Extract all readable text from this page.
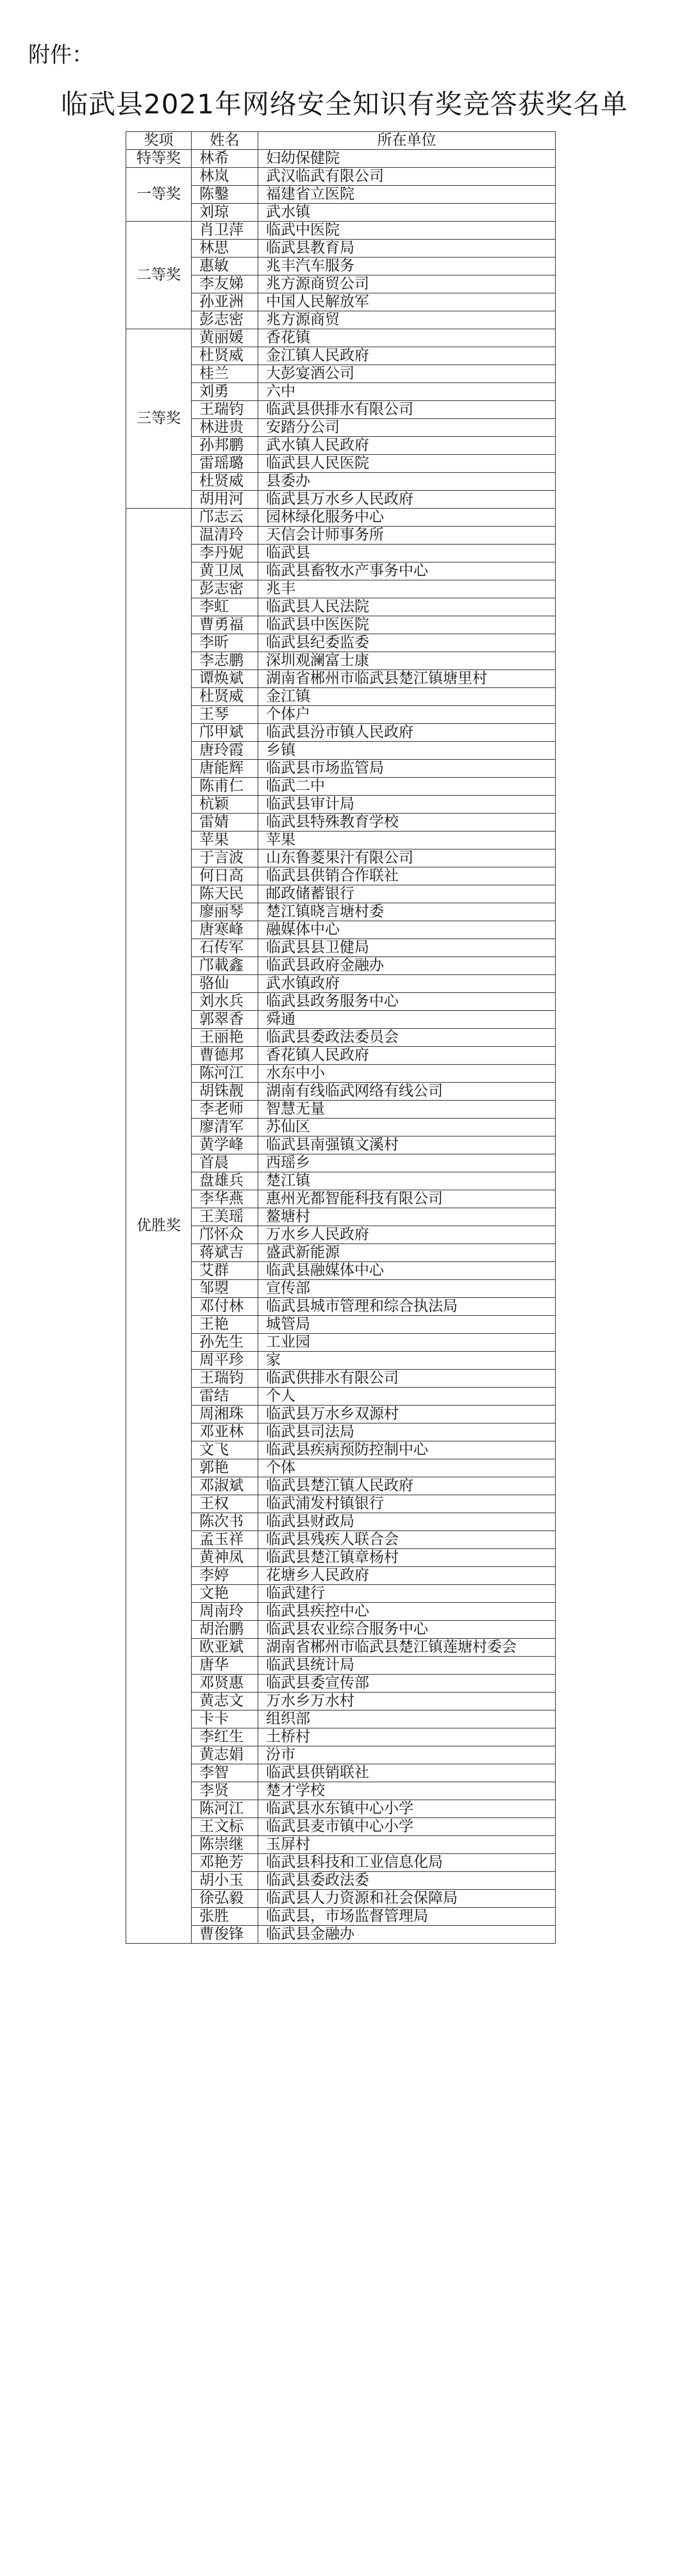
附件：
临武县2021年网络安全知识有奖竞答获奖名单
奖项	姓名	所在单位
特等奖	林希	妇幼保健院
一等奖	林岚	武汉临武有限公司
	陈鑿	福建省立医院
	刘琼	武水镇
二等奖	肖卫萍	临武中医院
	林思	临武县教育局
	惠敏	兆丰汽车服务
	李友娣	兆方源商贸公司
	孙亚洲	中国人民解放军
	彭志密	兆方源商贸
三等奖	黄丽媛	香花镇
	杜贤威	金江镇人民政府
	桂兰	大彭宴酒公司
	刘勇	六中
	王瑞钧	临武县供排水有限公司
	林进贵	安踏分公司
	孙邦鹏	武水镇人民政府
	雷瑶璐	临武县人民医院
	杜贤威	县委办
	胡用河	临武县万水乡人民政府
优胜奖	邝志云	园林绿化服务中心
	温清玲	天信会计师事务所
	李丹妮	临武县
	黄卫凤	临武县畜牧水产事务中心
	彭志密	兆丰
	李虹	临武县人民法院
	曹勇福	临武县中医医院
	李昕	临武县纪委监委
	李志鹏	深圳观澜富士康
	谭焕斌	湖南省郴州市临武县楚江镇塘里村
	杜贤威	金江镇
	王琴	个体户
	邝甲斌	临武县汾市镇人民政府
	唐玲霞	乡镇
	唐能辉	临武县市场监管局
	陈甫仁	临武二中
	杭颖	临武县审计局
	雷婧	临武县特殊教育学校
	苹果	苹果
	于言波	山东鲁菱果汁有限公司
	何日高	临武县供销合作联社
	陈天民	邮政储蓄银行
	廖丽琴	楚江镇晓言塘村委
	唐寒峰	融媒体中心
	石传军	临武县县卫健局
	邝載鑫	临武县政府金融办
	骆仙	武水镇政府
	刘水兵	临武县政务服务中心
	郭翠香	舜通
	王丽艳	临武县委政法委员会
	曹德邦	香花镇人民政府
	陈河江	水东中小
	胡铢靓	湖南有线临武网络有线公司
	李老师	智慧无量
	廖清军	苏仙区
	黄学峰	临武县南强镇文溪村
	首晨	西瑶乡
	盘雄兵	楚江镇
	李华燕	惠州光都智能科技有限公司
	王美瑶	鳌塘村
	邝怀众	万水乡人民政府
	蒋斌吉	盛武新能源
	艾群	临武县融媒体中心
	邹曌	宣传部
	邓付林	临武县城市管理和综合执法局
	王艳	城管局
	孙先生	工业园
	周平珍	家
	王瑞钧	临武供排水有限公司
	雷结	个人
	周湘珠	临武县万水乡双源村
	邓亚林	临武县司法局
	文飞	临武县疾病预防控制中心
	郭艳	个体
	邓淑斌	临武县楚江镇人民政府
	王权	临武浦发村镇银行
	陈次书	临武县财政局
	孟玉祥	临武县残疾人联合会
	黄神凤	临武县楚江镇章杨村
	李婷	花塘乡人民政府
	文艳	临武建行
	周南玲	临武县疾控中心
	胡治鹏	临武县农业综合服务中心
	欧亚斌	湖南省郴州市临武县楚江镇莲塘村委会
	唐华	临武县统计局
	邓贤惠	临武县委宣传部
	黄志文	万水乡万水村
	卡卡	组织部
	李红生	土桥村
	黄志娟	汾市
	李智	临武县供销联社
	李贤	楚才学校
	陈河江	临武县水东镇中心小学
	王文标	临武县麦市镇中心小学
	陈崇继	玉屏村
	邓艳芳	临武县科技和工业信息化局
	胡小玉	临武县委政法委
	徐弘毅	临武县人力资源和社会保障局
	张胜	临武县，市场监督管理局
	曹俊锋	临武县金融办
